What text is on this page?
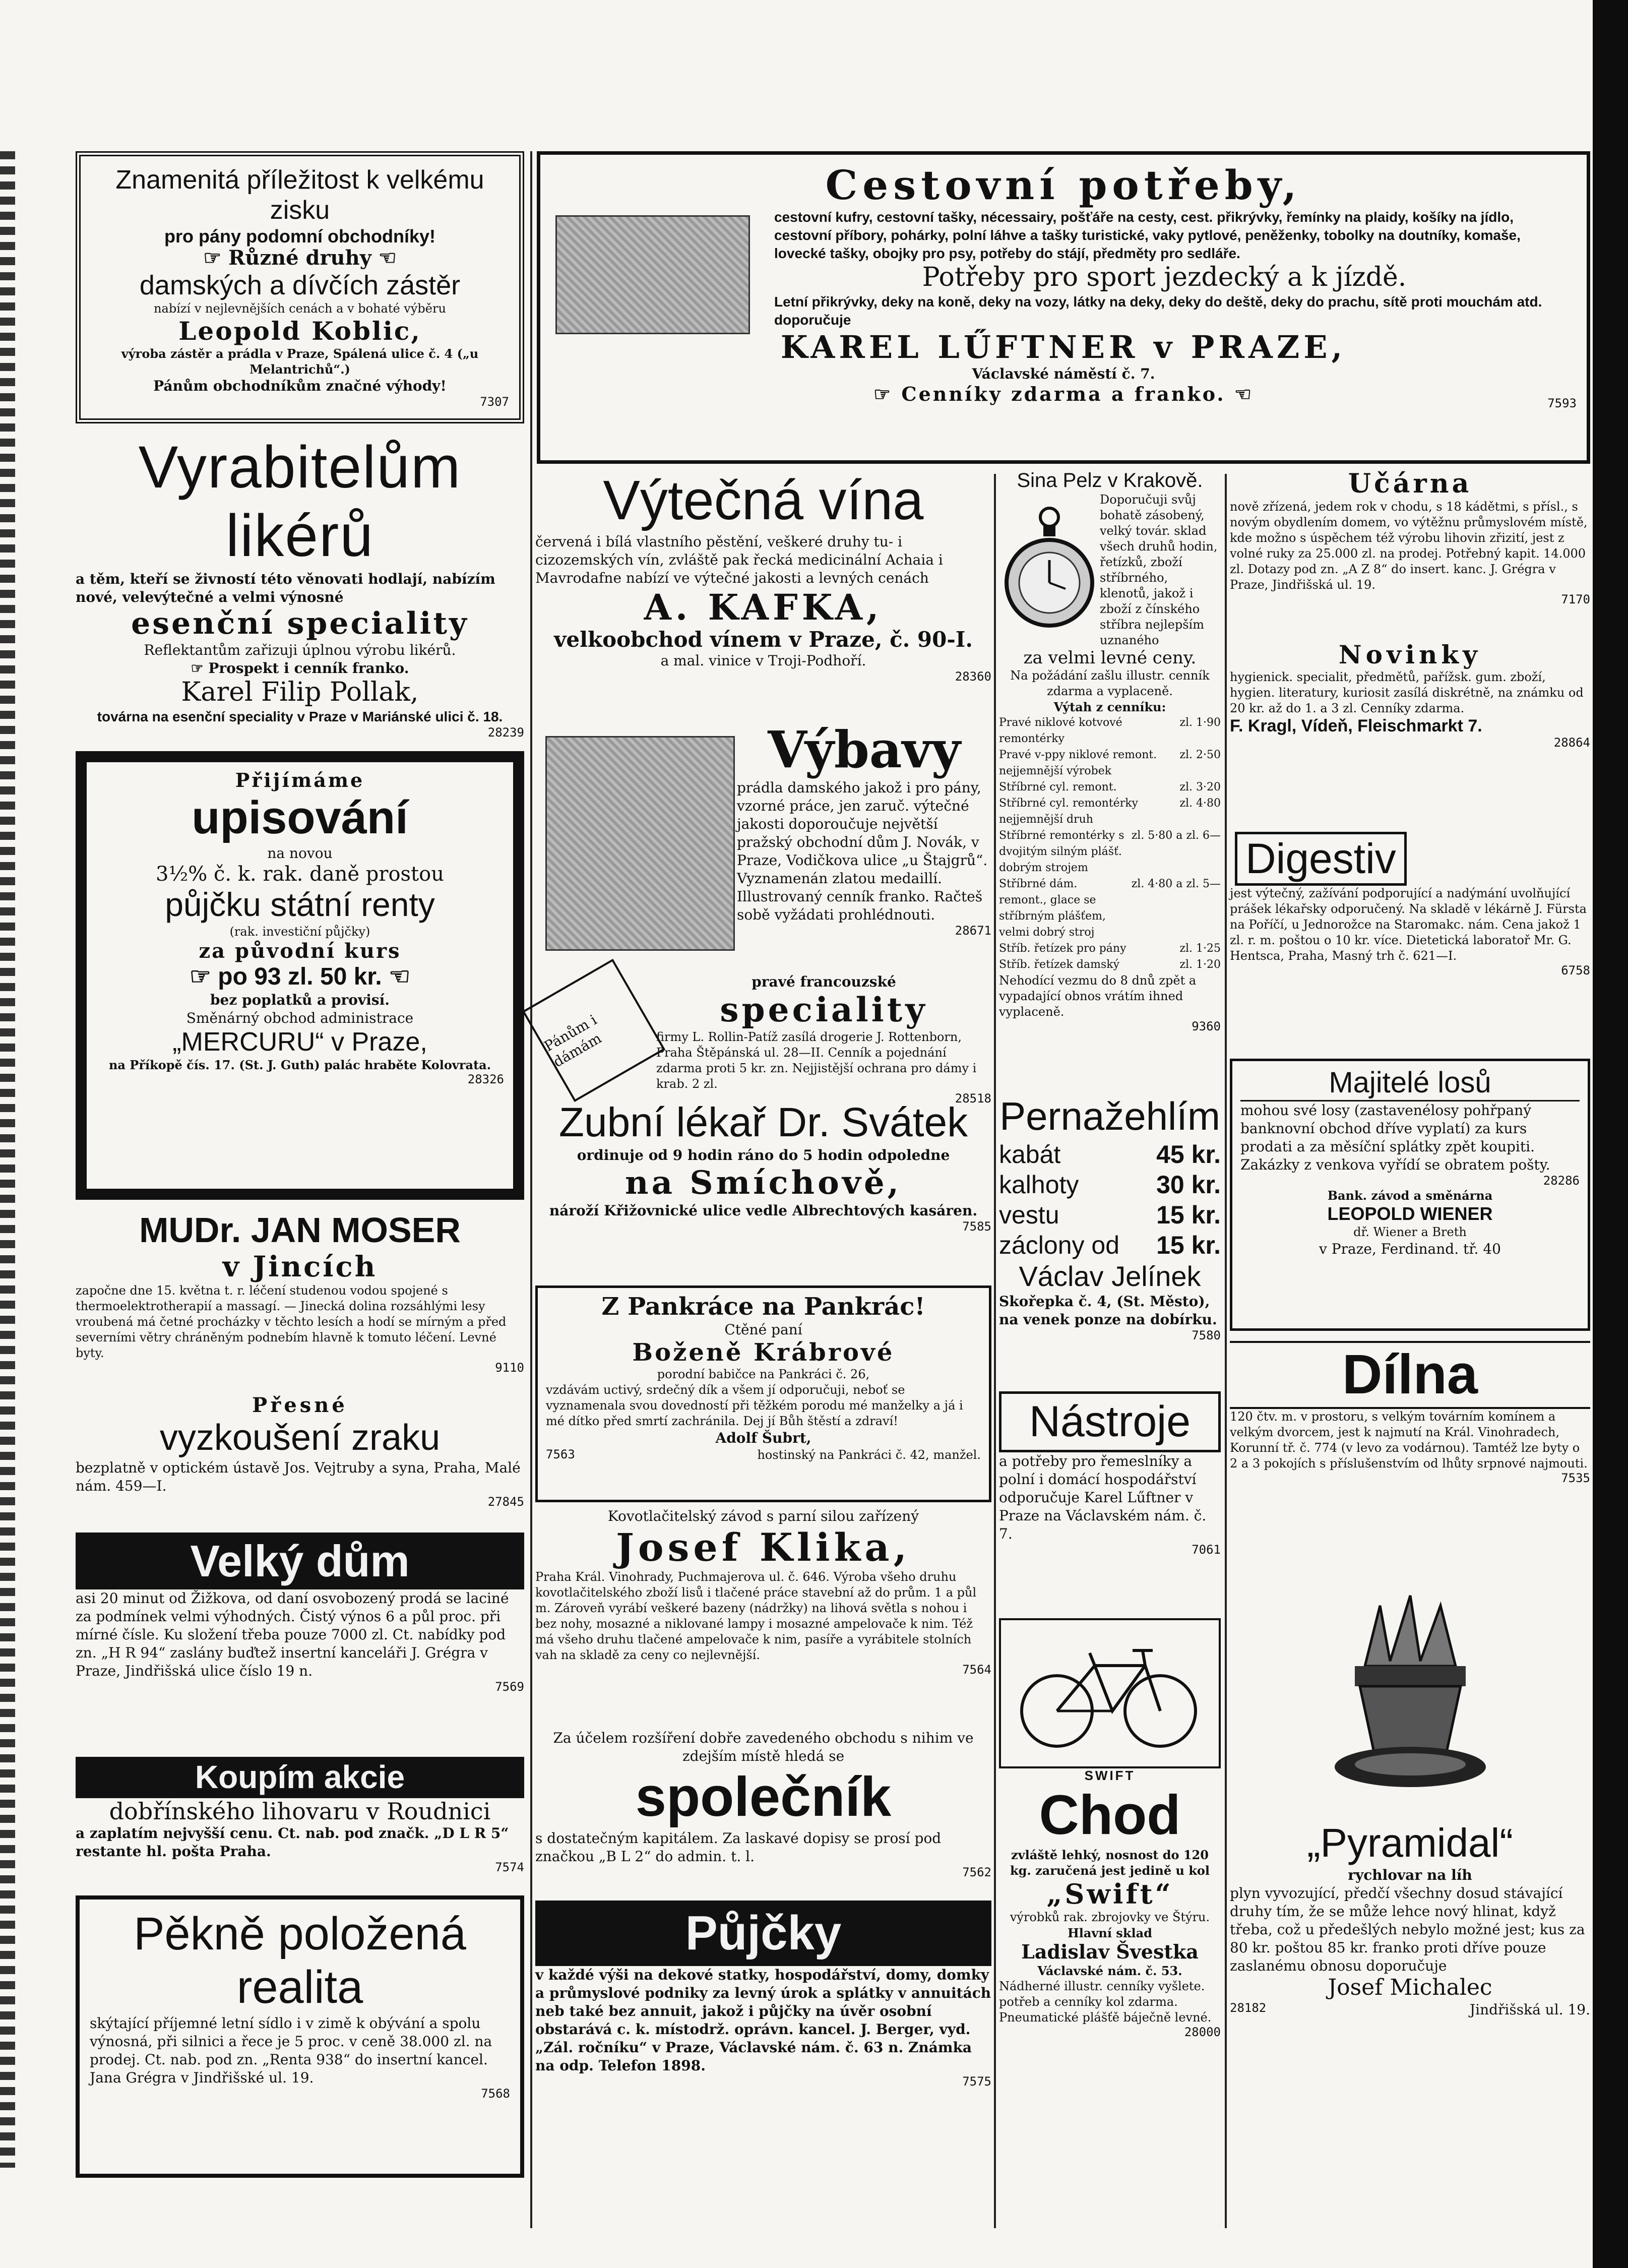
Znamenitá příležitost k velkému zisku

pro pány podomní obchodníky!

☞ Různé druhy ☜

damských a dívčích zástěr

nabízí v nejlevnějších cenách a v bohaté výběru

Leopold Koblic,

výroba zástěr a prádla v Praze, Spálená ulice č. 4 („u Melantrichů“.)

Pánům obchodníkům značné výhody!

7307

Vyrabitelům likérů

a těm, kteří se živností této věnovati hodlají, nabízím nové, velevýtečné a velmi výnosné

esenční speciality

Reflektantům zařizuji úplnou výrobu likérů.

☞ Prospekt i cenník franko.

Karel Filip Pollak,

továrna na esenční speciality v Praze v Mariánské ulici č. 18.

28239

Přijímáme

upisování

na novou

3½% č. k. rak. daně prostou

půjčku státní renty

(rak. investiční půjčky)

za původní kurs

☞ po 93 zl. 50 kr. ☜

bez poplatků a provisí.

Směnárný obchod administrace

„MERCURU“ v Praze,

na Příkopě čís. 17. (St. J. Guth) palác hraběte Kolovrata.

28326

MUDr. JAN MOSER

v Jincích

započne dne 15. května t. r. léčení studenou vodou spojené s thermoelektrotherapií a massagí. — Jinecká dolina rozsáhlými lesy vroubená má četné procházky v těchto lesích a hodí se mírným a před severními větry chráněným podnebím hlavně k tomuto léčení. Levné byty.

9110

Přesné

vyzkoušení zraku

bezplatně v optickém ústavě Jos. Vejtruby a syna, Praha, Malé nám. 459—I.

27845

Velký dům

asi 20 minut od Žižkova, od daní osvobozený prodá se laciné za podmínek velmi výhodných. Čistý výnos 6 a půl proc. při mírné čísle. Ku složení třeba pouze 7000 zl. Ct. nabídky pod zn. „H R 94“ zaslány buďtež insertní kanceláři J. Grégra v Praze, Jindřišská ulice číslo 19 n.

7569

Koupím akcie

dobřínského lihovaru v Roudnici

a zaplatím nejvyšší cenu. Ct. nab. pod značk. „D L R 5“ restante hl. pošta Praha.

7574

Pěkně položená realita

skýtající příjemné letní sídlo i v zimě k obývání a spolu výnosná, při silnici a řece je 5 proc. v ceně 38.000 zl. na prodej. Ct. nab. pod zn. „Renta 938“ do insertní kancel. Jana Grégra v Jindřišské ul. 19.

7568

Cestovní potřeby,

cestovní kufry, cestovní tašky, nécessairy, pošťáře na cesty, cest. přikrývky, řemínky na plaidy, košíky na jídlo, cestovní příbory, pohárky, polní láhve a tašky turistické, vaky pytlové, peněženky, tobolky na doutníky, komaše, lovecké tašky, obojky pro psy, potřeby do stájí, předměty pro sedláře.

Potřeby pro sport jezdecký a k jízdě.

Letní přikrývky, deky na koně, deky na vozy, látky na deky, deky do deště, deky do prachu, sítě proti mouchám atd. doporučuje

KAREL LŰFTNER v PRAZE,

Václavské náměstí č. 7.

☞ Cenníky zdarma a franko. ☜	7593

Výtečná vína

červená i bílá vlastního pěstění, veškeré druhy tu- i cizozemských vín, zvláště pak řecká medicinální Achaia i Mavrodafne nabízí ve výtečné jakosti a levných cenách

A. KAFKA,

velkoobchod vínem v Praze, č. 90-I.

a mal. vinice v Troji-Podhoří.

28360

Výbavy

prádla damského jakož i pro pány, vzorné práce, jen zaruč. výtečné jakosti doporoučuje největší pražský obchodní dům J. Novák, v Praze, Vodičkova ulice „u Štajgrů“. Vyznamenán zlatou medaillí. Illustrovaný cenník franko. Račteš sobě vyžádati prohlédnouti.

28671

Pánům i dámám

pravé francouzské

speciality

firmy L. Rollin-Patíž zasílá drogerie J. Rottenborn, Praha Štěpánská ul. 28—II. Cenník a pojednání zdarma proti 5 kr. zn. Nejjistější ochrana pro dámy i krab. 2 zl.

28518

Zubní lékař Dr. Svátek

ordinuje od 9 hodin ráno do 5 hodin odpoledne

na Smíchově,

nároží Křižovnické ulice vedle Albrechtových kasáren.

7585

Z Pankráce na Pankrác!

Ctěné paní

Boženě Krábrové

porodní babičce na Pankráci č. 26,

vzdávám uctivý, srdečný dík a všem jí odporučuji, neboť se vyznamenala svou dovedností při těžkém porodu mé manželky a já i mé dítko před smrtí zachránila. Dej jí Bůh štěstí a zdraví!

Adolf Šubrt,

7563	hostinský na Pankráci č. 42, manžel.

Kovotlačitelský závod s parní silou zařízený

Josef Klika,

Praha Král. Vinohrady, Puchmajerova ul. č. 646. Výroba všeho druhu kovotlačitelského zboží lisů i tlačené práce stavební až do prům. 1 a půl m. Zároveň vyrábí veškeré bazeny (nádržky) na lihová světla s nohou i bez nohy, mosazné a niklované lampy i mosazné ampelovače k nim. Též má všeho druhu tlačené ampelovače k nim, pasíře a vyrábitele stolních vah na skladě za ceny co nejlevnější.

7564

Za účelem rozšíření dobře zavedeného obchodu s nihim ve zdejším místě hledá se

společník

s dostatečným kapitálem. Za laskavé dopisy se prosí pod značkou „B L 2“ do admin. t. l.

7562

Půjčky

v každé výši na dekové statky, hospodářství, domy, domky a průmyslové podniky za levný úrok a splátky v annuitách neb také bez annuit, jakož i půjčky na úvěr osobní obstarává c. k. místodrž. oprávn. kancel. J. Berger, vyd. „Zál. ročníku“ v Praze, Václavské nám. č. 63 n. Známka na odp. Telefon 1898.

7575

Sina Pelz v Krakově.

Doporučuji svůj bohatě zásobený, velký továr. sklad všech druhů hodin, řetízků, zboží stříbrného, klenotů, jakož i zboží z čínského stříbra nejlepším uznaného

za velmi levné ceny.

Na požádání zašlu illustr. cenník zdarma a vyplaceně.

Výtah z cenníku:

Pravé niklové kotvové remontérky
zl. 1·90
Pravé v-ppy niklové remont. nejjemnější výrobek
zl. 2·50
Stříbrné cyl. remont.	zl. 3·20
Stříbrné cyl. remontérky nejjemnější druh
zl. 4·80
Stříbrné remontérky s dvojitým silným plášť. dobrým strojem
zl. 5·80 a zl. 6—
Stříbrné dám. remont., glace se stříbrným plášťem, velmi dobrý stroj
zl. 4·80 a zl. 5—
Stříb. řetízek pro pány	zl. 1·25
Stříb. řetízek damský	zl. 1·20

Nehodící vezmu do 8 dnů zpět a vypadající obnos vrátím ihned vyplaceně.

9360

Pernažehlím

kabát	45 kr.
kalhoty	30 kr.
vestu	15 kr.
záclony od 15 kr.

Václav Jelínek

Skořepka č. 4, (St. Město), na venek ponze na dobírku.

7580

Nástroje

a potřeby pro řemeslníky a polní i domácí hospodářství odporučuje Karel Lűftner v Praze na Václavském nám. č. 7.

7061

SWIFT

Chod

zvláště lehký, nosnost do 120 kg. zaručená jest jedině u kol

„Swift“

výrobků rak. zbrojovky ve Štýru.

Hlavní sklad

Ladislav Švestka

Václavské nám. č. 53.

Nádherné illustr. cenníky vyšlete. potřeb a cenníky kol zdarma. Pneumatické plášťě báječně levné.

28000

Učárna

nově zřízená, jedem rok v chodu, s 18 kádětmi, s přísl., s novým obydlením domem, vo výtěžnu průmyslovém místě, kde možno s úspěchem též výrobu lihovin zřizití, jest z volné ruky za 25.000 zl. na prodej. Potřebný kapit. 14.000 zl. Dotazy pod zn. „A Z 8“ do insert. kanc. J. Grégra v Praze, Jindřišská ul. 19.

7170

Novinky

hygienick. specialit, předmětů, pařížsk. gum. zboží, hygien. literatury, kuriosit zasílá diskrétně, na známku od 20 kr. až do 1. a 3 zl. Cenníky zdarma.

F. Kragl, Vídeň, Fleischmarkt 7.

28864

Digestiv

jest výtečný, zažívání podporující a nadýmání uvolňující prášek lékařsky odporučený. Na skladě v lékárně J. Fürsta na Poříčí, u Jednorožce na Staromakc. nám. Cena jakož 1 zl. r. m. poštou o 10 kr. více. Dietetická laboratoř Mr. G. Hentsca, Praha, Masný trh č. 621—I.

6758

Majitelé losů

mohou své losy (zastavenélosy pohřpaný banknovní obchod dříve vyplatí) za kurs prodati a za měsíční splátky zpět koupiti. Zakázky z venkova vyřídí se obratem pošty.

28286

Bank. závod a směnárna

LEOPOLD WIENER

dř. Wiener a Breth

v Praze, Ferdinand. tř. 40

Dílna

120 čtv. m. v prostoru, s velkým továrním komínem a velkým dvorcem, jest k najmutí na Král. Vinohradech, Korunní tř. č. 774 (v levo za vodárnou). Tamtéž lze byty o 2 a 3 pokojích s příslušenstvím od lhůty srpnové najmouti.

7535

„Pyramidal“

rychlovar na líh

plyn vyvozující, předčí všechny dosud stávající druhy tím, že se může lehce nový hlinat, když třeba, což u předešlých nebylo možné jest; kus za 80 kr. poštou 85 kr. franko proti dříve pouze zaslanému obnosu doporučuje

Josef Michalec

28182	Jindřišská ul. 19.
